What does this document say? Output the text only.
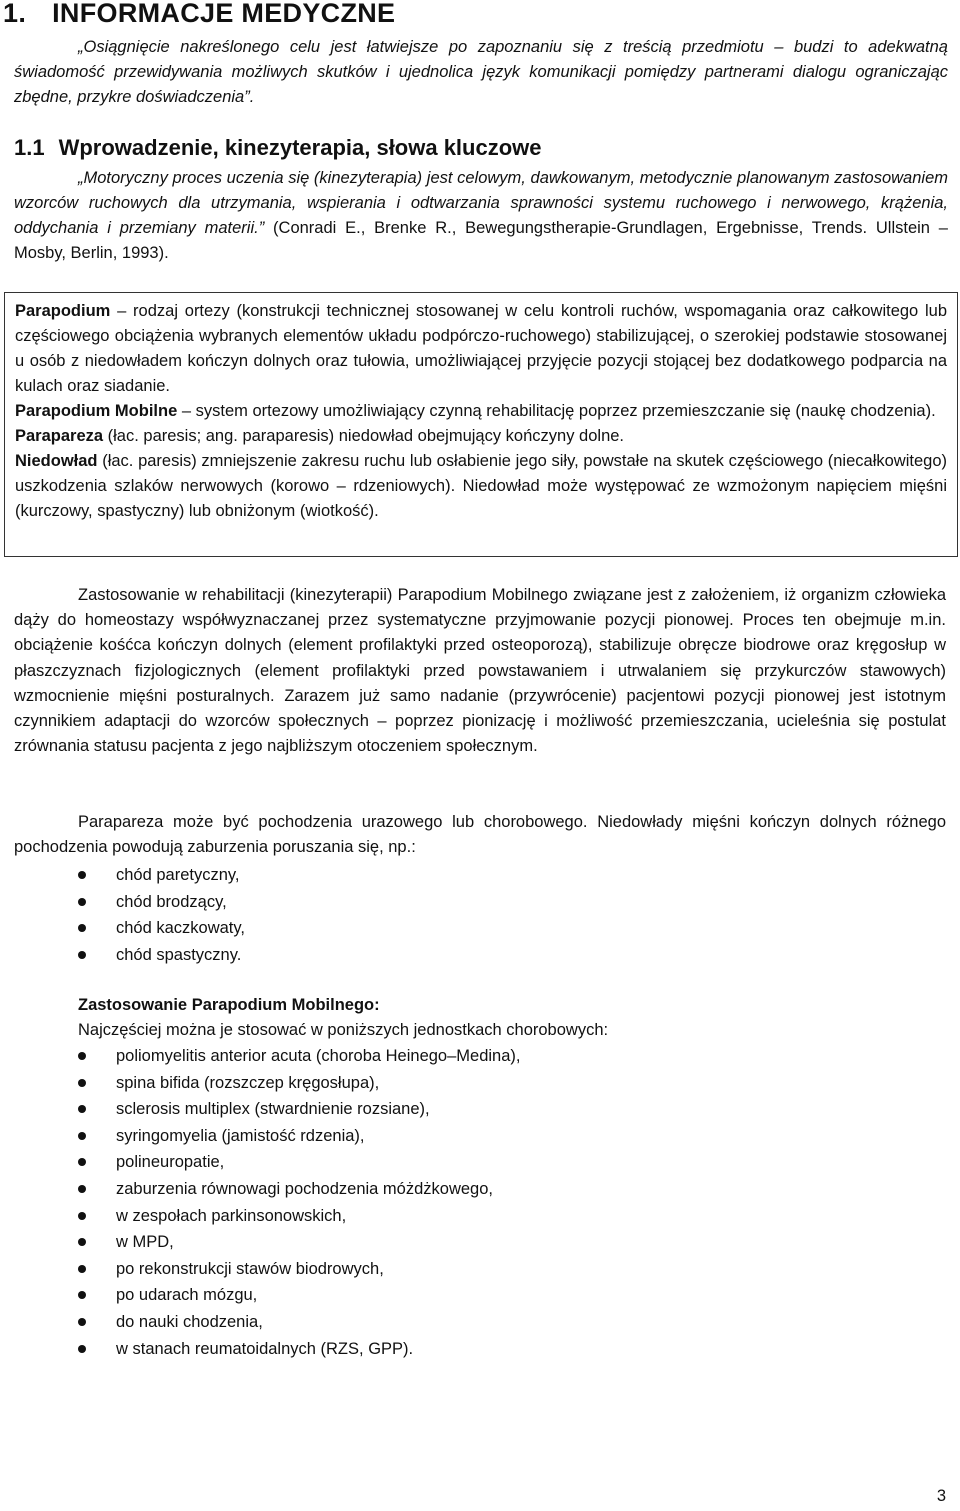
1. INFORMACJE MEDYCZNE
„Osiągnięcie nakreślonego celu jest łatwiejsze po zapoznaniu się z treścią przedmiotu – budzi to adekwatną świadomość przewidywania możliwych skutków i ujednolica język komunikacji pomiędzy partnerami dialogu ograniczając zbędne, przykre doświadczenia”.
1.1 Wprowadzenie, kinezyterapia, słowa kluczowe
„Motoryczny proces uczenia się (kinezyterapia) jest celowym, dawkowanym, metodycznie planowanym zastosowaniem wzorców ruchowych dla utrzymania, wspierania i odtwarzania sprawności systemu ruchowego i nerwowego, krążenia, oddychania i przemiany materii.” (Conradi E., Brenke R., Bewegungstherapie-Grundlagen, Ergebnisse, Trends. Ullstein – Mosby, Berlin, 1993).

Parapodium – rodzaj ortezy (konstrukcji technicznej stosowanej w celu kontroli ruchów, wspomagania oraz całkowitego lub częściowego obciążenia wybranych elementów układu podpórczo-ruchowego) stabilizującej, o szerokiej podstawie stosowanej u osób z niedowładem kończyn dolnych oraz tułowia, umożliwiającej przyjęcie pozycji stojącej bez dodatkowego podparcia na kulach oraz siadanie.

Parapodium Mobilne – system ortezowy umożliwiający czynną rehabilitację poprzez przemieszczanie się (naukę chodzenia).

Parapareza (łac. paresis; ang. paraparesis) niedowład obejmujący kończyny dolne.

Niedowład (łac. paresis) zmniejszenie zakresu ruchu lub osłabienie jego siły, powstałe na skutek częściowego (niecałkowitego) uszkodzenia szlaków nerwowych (korowo – rdzeniowych). Niedowład może występować ze wzmożonym napięciem mięśni (kurczowy, spastyczny) lub obniżonym (wiotkość).

Zastosowanie w rehabilitacji (kinezyterapii) Parapodium Mobilnego związane jest z założeniem, iż organizm człowieka dąży do homeostazy współwyznaczanej przez systematyczne przyjmowanie pozycji pionowej. Proces ten obejmuje m.in. obciążenie kośćca kończyn dolnych (element profilaktyki przed osteoporozą), stabilizuje obręcze biodrowe oraz kręgosłup w płaszczyznach fizjologicznych (element profilaktyki przed powstawaniem i utrwalaniem się przykurczów stawowych) wzmocnienie mięśni posturalnych. Zarazem już samo nadanie (przywrócenie) pacjentowi pozycji pionowej jest istotnym czynnikiem adaptacji do wzorców społecznych – poprzez pionizację i możliwość przemieszczania, ucieleśnia się postulat zrównania statusu pacjenta z jego najbliższym otoczeniem społecznym.

Parapareza może być pochodzenia urazowego lub chorobowego. Niedowłady mięśni kończyn dolnych różnego pochodzenia powodują zaburzenia poruszania się, np.:

chód paretyczny,
chód brodzący,
chód kaczkowaty,
chód spastyczny.

Zastosowanie Parapodium Mobilnego:

Najczęściej można je stosować w poniższych jednostkach chorobowych:

poliomyelitis anterior acuta (choroba Heinego–Medina),
spina bifida (rozszczep kręgosłupa),
sclerosis multiplex (stwardnienie rozsiane),
syringomyelia (jamistość rdzenia),
polineuropatie,
zaburzenia równowagi pochodzenia móżdżkowego,
w zespołach parkinsonowskich,
w MPD,
po rekonstrukcji stawów biodrowych,
po udarach mózgu,
do nauki chodzenia,
w stanach reumatoidalnych (RZS, GPP).
3
